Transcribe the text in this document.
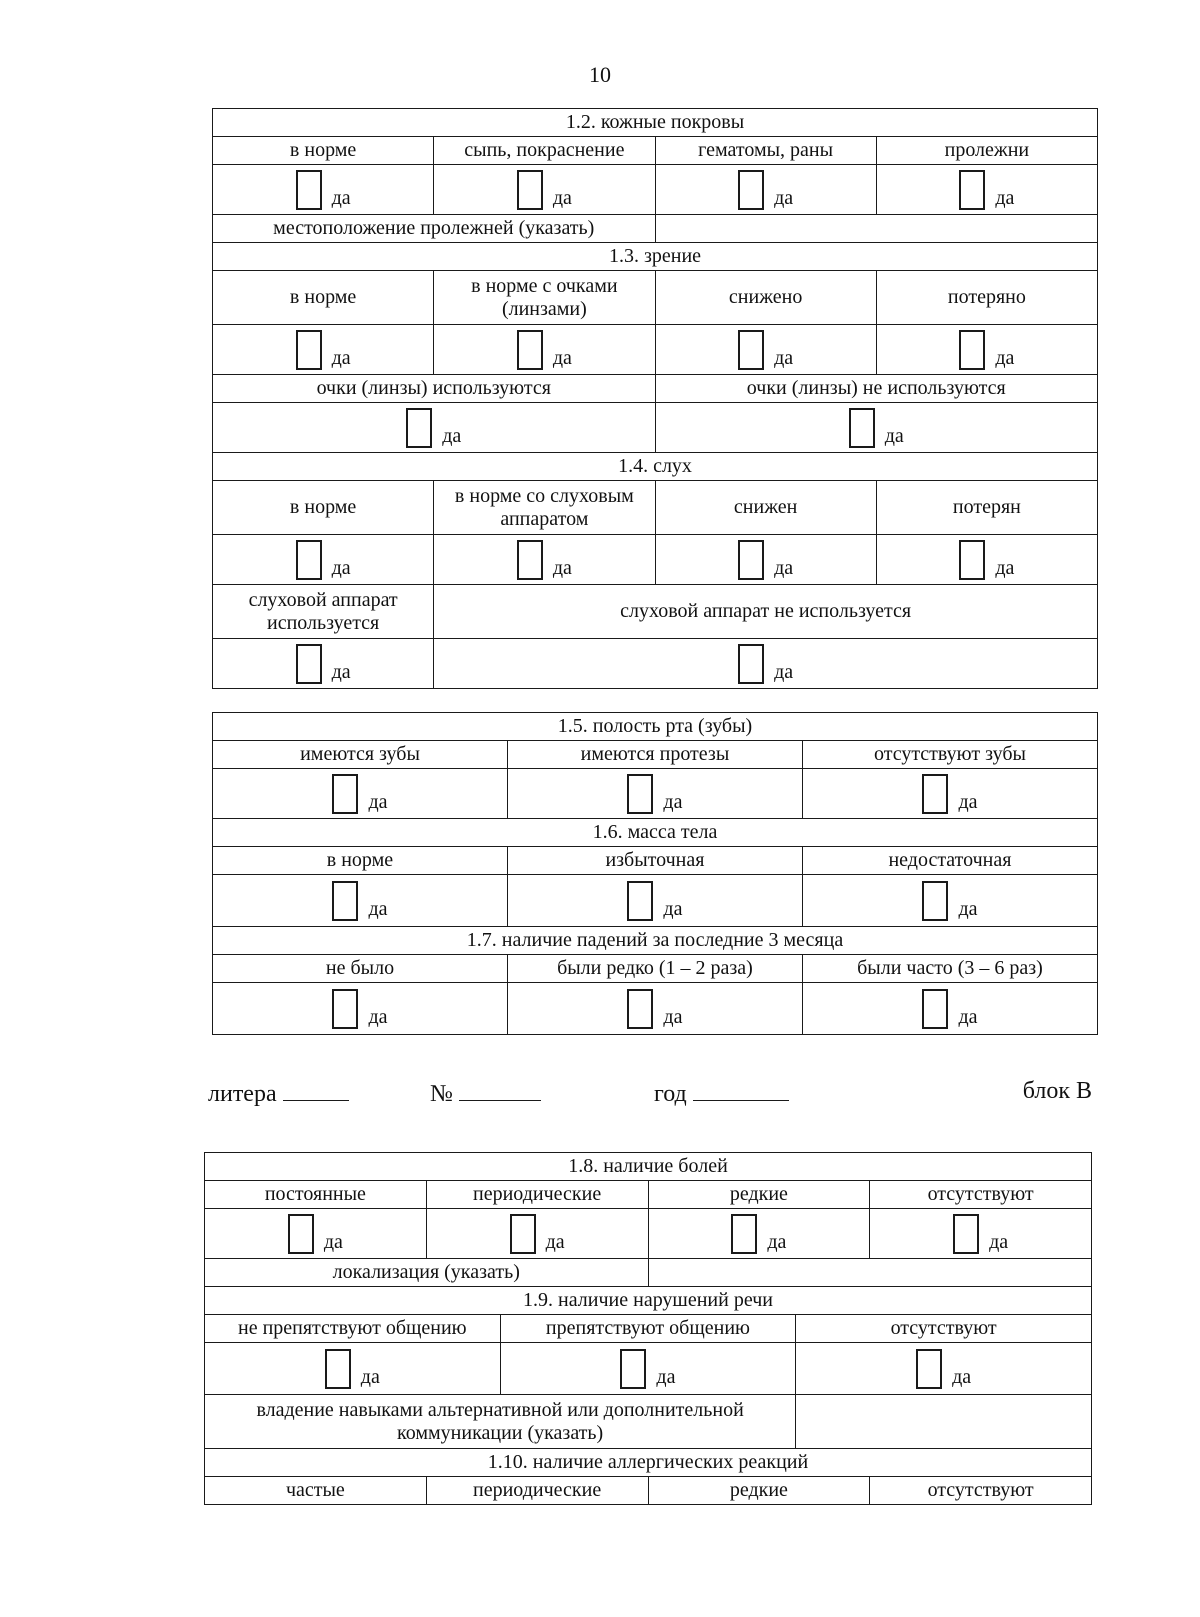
10
1.2. кожные покровы			
в норме	сыпь, покраснение	гематомы, раны	пролежни
да	да	да	да
местоположение пролежней (указать)			
1.3. зрение			
в норме	в норме с очками (линзами)	снижено	потеряно
да	да	да	да
очки (линзы) используются		очки (линзы) не используются	
да		да	
1.4. слух			
в норме	в норме со слуховым аппаратом	снижен	потерян
да	да	да	да
слуховой аппарат используется	слуховой аппарат не используется		
да	да		
1.5. полость рта (зубы)		
имеются зубы	имеются протезы	отсутствуют зубы
да	да	да
1.6. масса тела		
в норме	избыточная	недостаточная
да	да	да
1.7. наличие падений за последние 3 месяца		
не было	были редко (1 – 2 раза)	были часто (3 – 6 раз)
да	да	да
литера	№	год	блок В
1.8. наличие болей			
постоянные	периодические	редкие	отсутствуют
да	да	да	да
локализация (указать)			
1.9. наличие нарушений речи		
не препятствуют общению	препятствуют общению	отсутствуют
да	да	да
владение навыками альтернативной или дополнительной коммуникации (указать)		
1.10. наличие аллергических реакций
частые	периодические	редкие	отсутствуют
